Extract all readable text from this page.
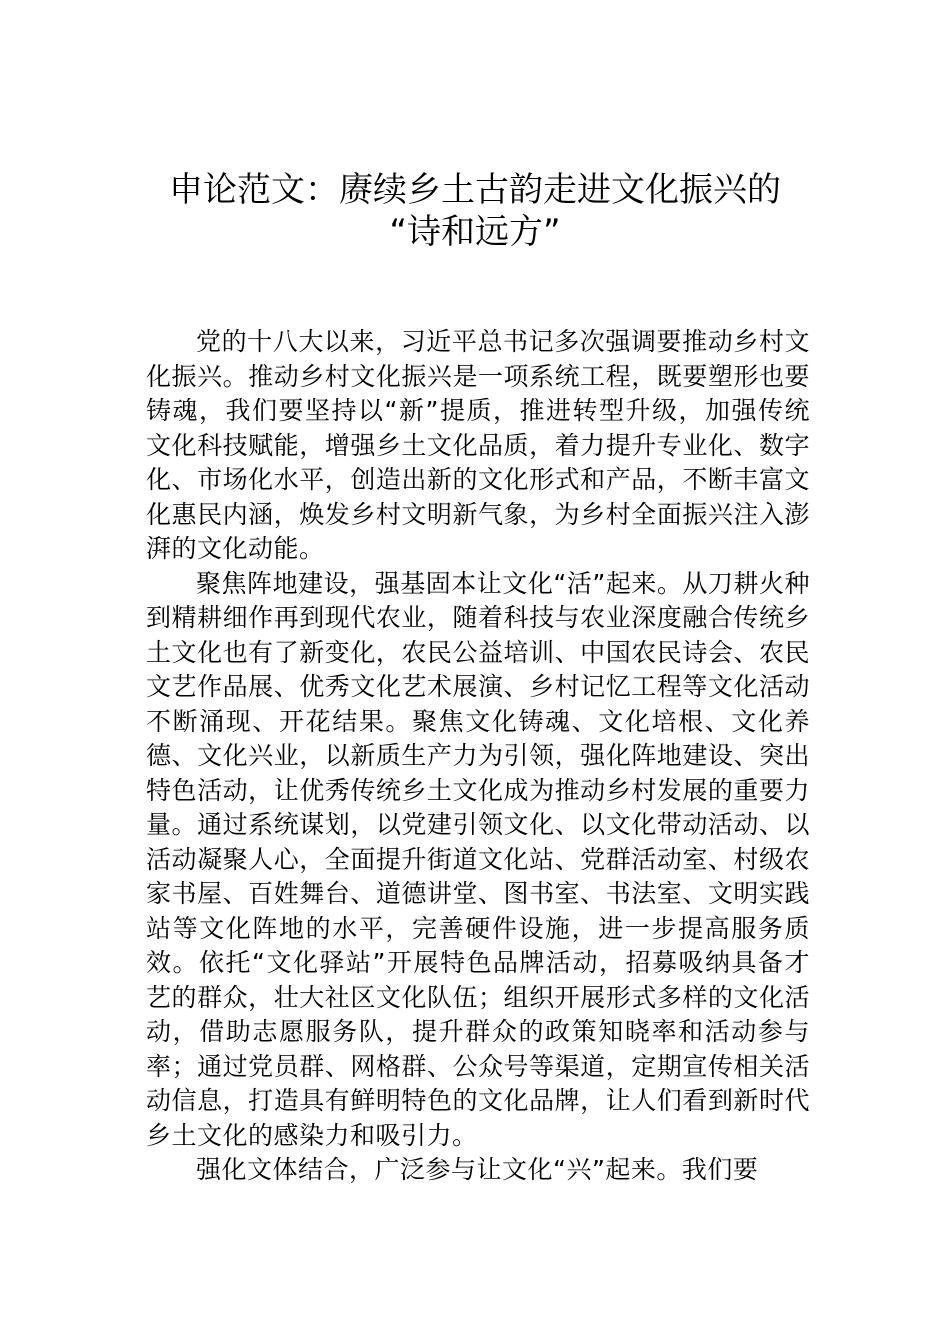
申论范文：赓续乡土古韵走进文化振兴的
“诗和远方”

党的十八大以来，习近平总书记多次强调要推动乡村文化振兴。推动乡村文化振兴是一项系统工程，既要塑形也要铸魂，我们要坚持以“新”提质，推进转型升级，加强传统文化科技赋能，增强乡土文化品质，着力提升专业化、数字化、市场化水平，创造出新的文化形式和产品，不断丰富文化惠民内涵，焕发乡村文明新气象，为乡村全面振兴注入澎湃的文化动能。

聚焦阵地建设，强基固本让文化“活”起来。从刀耕火种到精耕细作再到现代农业，随着科技与农业深度融合传统乡土文化也有了新变化，农民公益培训、中国农民诗会、农民文艺作品展、优秀文化艺术展演、乡村记忆工程等文化活动不断涌现、开花结果。聚焦文化铸魂、文化培根、文化养德、文化兴业，以新质生产力为引领，强化阵地建设、突出特色活动，让优秀传统乡土文化成为推动乡村发展的重要力量。通过系统谋划，以党建引领文化、以文化带动活动、以活动凝聚人心，全面提升街道文化站、党群活动室、村级农家书屋、百姓舞台、道德讲堂、图书室、书法室、文明实践站等文化阵地的水平，完善硬件设施，进一步提高服务质效。依托“文化驿站”开展特色品牌活动，招募吸纳具备才艺的群众，壮大社区文化队伍；组织开展形式多样的文化活动，借助志愿服务队，提升群众的政策知晓率和活动参与率；通过党员群、网格群、公众号等渠道，定期宣传相关活动信息，打造具有鲜明特色的文化品牌，让人们看到新时代乡土文化的感染力和吸引力。

强化文体结合，广泛参与让文化“兴”起来。我们要
